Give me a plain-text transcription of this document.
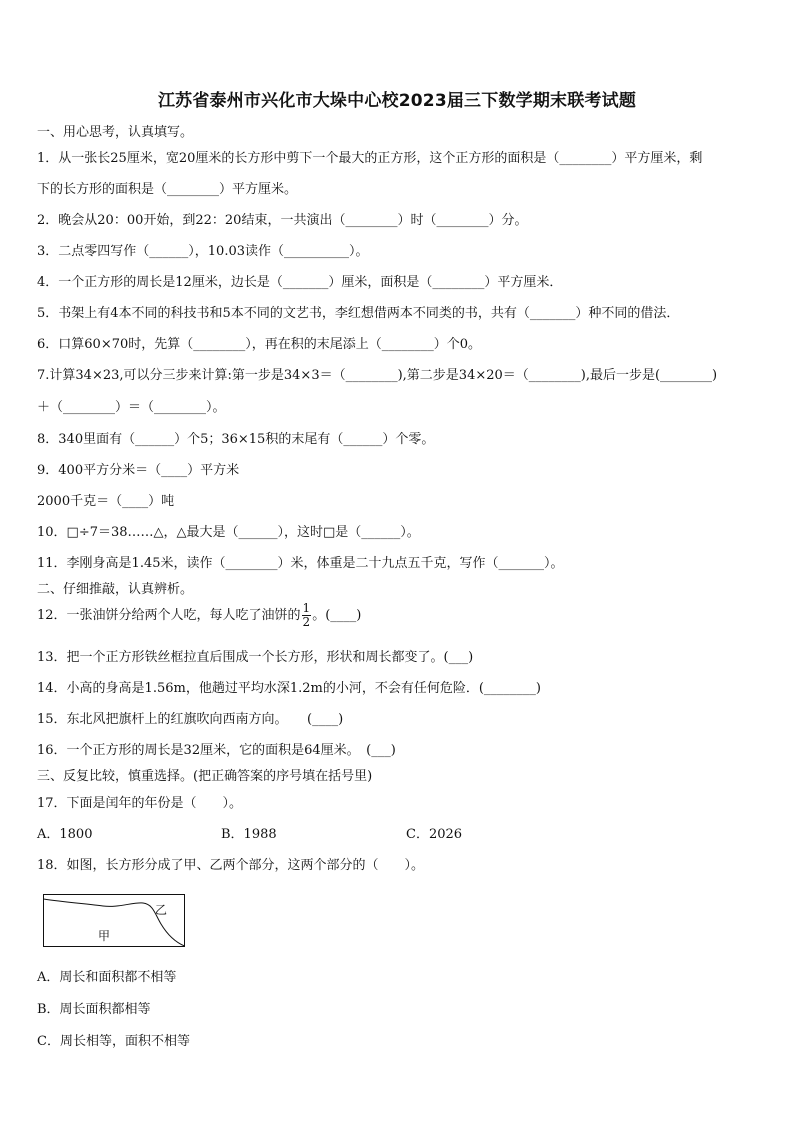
江苏省泰州市兴化市大垛中心校2023届三下数学期末联考试题
一、用心思考，认真填写。
1．从一张长25厘米，宽20厘米的长方形中剪下一个最大的正方形，这个正方形的面积是（________）平方厘米，剩
下的长方形的面积是（________）平方厘米。
2．晚会从20：00开始，到22：20结束，一共演出（________）时（________）分。
3．二点零四写作（______），10.03读作（__________）。
4．一个正方形的周长是12厘米，边长是（_______）厘米，面积是（________）平方厘米．
5．书架上有4本不同的科技书和5本不同的文艺书，李红想借两本不同类的书，共有（_______）种不同的借法．
6．口算60×70时，先算（________），再在积的末尾添上（________）个0。
7.计算34×23,可以分三步来计算:第一步是34×3＝（________),第二步是34×20＝（________),最后一步是(________)
＋（________）＝（________）。
8．340里面有（______）个5；36×15积的末尾有（______）个零。
9．400平方分米＝（____）平方米
2000千克＝（____）吨
10．□÷7＝38……△，△最大是（______），这时□是（______）。
11．李刚身高是1.45米，读作（________）米，体重是二十九点五千克，写作（_______）。
二、仔细推敲，认真辨析。
12．一张油饼分给两个人吃，每人吃了油饼的 $\frac{1}{2}$ 。(____)
13．把一个正方形铁丝框拉直后围成一个长方形，形状和周长都变了。(___)
14．小高的身高是1.56m，他趟过平均水深1.2m的小河，不会有任何危险．(________)
15．东北风把旗杆上的红旗吹向西南方向。　　(____)
16．一个正方形的周长是32厘米，它的面积是64厘米。　(___)
三、反复比较，慎重选择。(把正确答案的序号填在括号里)
17．下面是闰年的年份是（　　）。
A．1800	B．1988	C．2026
18．如图，长方形分成了甲、乙两个部分，这两个部分的（　　）。
乙
甲
A．周长和面积都不相等
B．周长面积都相等
C．周长相等，面积不相等
